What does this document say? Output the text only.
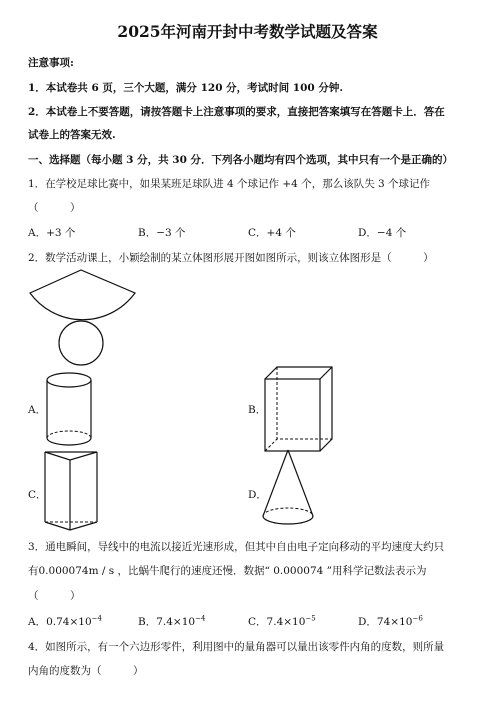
2025年河南开封中考数学试题及答案
注意事项:
1．本试卷共 6 页，三个大题，满分 120 分，考试时间 100 分钟.
2．本试卷上不要答题，请按答题卡上注意事项的要求，直接把答案填写在答题卡上．答在
试卷上的答案无效.
一、选择题（每小题 3 分，共 30 分．下列各小题均有四个选项，其中只有一个是正确的）
1．在学校足球比赛中，如果某班足球队进 4 个球记作 +4 个，那么该队失 3 个球记作
（　　　）
A．+3 个	B．−3 个	C．+4 个	D．−4 个
2．数学活动课上，小颖绘制的某立体图形展开图如图所示，则该立体图形是（　　　）
A．	B．
C．	D．
3．通电瞬间，导线中的电流以接近光速形成，但其中自由电子定向移动的平均速度大约只
有0.000074m / s ，比蜗牛爬行的速度还慢．数据“ 0.000074 ”用科学记数法表示为
（　　　）
A．$0.74\times 10^{-4}$	B．$7.4\times 10^{-4}$	C．$7.4\times 10^{-5}$	D．$74\times 10^{-6}$
4．如图所示，有一个六边形零件，利用图中的量角器可以量出该零件内角的度数，则所量
内角的度数为（　　　）
